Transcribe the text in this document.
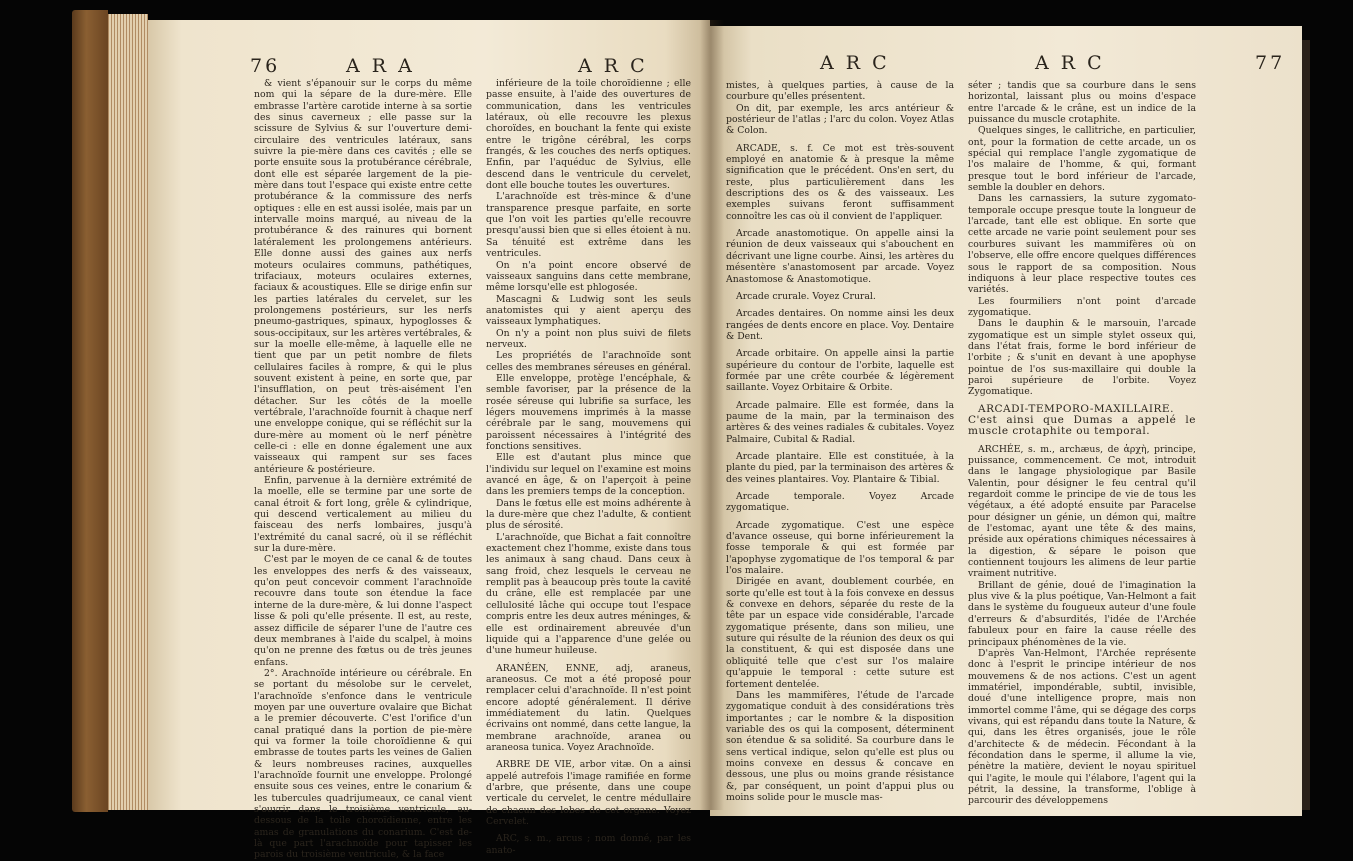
76	A R A	A R C

& vient s'épanouir sur le corps du même nom qui la sépare de la dure-mère. Elle embrasse l'artère carotide interne à sa sortie des sinus caverneux ; elle passe sur la scissure de Sylvius & sur l'ouverture demi-circulaire des ventricules latéraux, sans suivre la pie-mère dans ces cavités ; elle se porte ensuite sous la protubérance cérébrale, dont elle est séparée largement de la pie-mère dans tout l'espace qui existe entre cette protubérance & la commissure des nerfs optiques : elle en est aussi isolée, mais par un intervalle moins marqué, au niveau de la protubérance & des rainures qui bornent latéralement les prolongemens antérieurs. Elle donne aussi des gaines aux nerfs moteurs oculaires communs, pathétiques, trifaciaux, moteurs oculaires externes, faciaux & acoustiques. Elle se dirige enfin sur les parties latérales du cervelet, sur les prolongemens postérieurs, sur les nerfs pneumo-gastriques, spinaux, hypoglosses & sous-occipitaux, sur les artères vertébrales, & sur la moelle elle-même, à laquelle elle ne tient que par un petit nombre de filets cellulaires faciles à rompre, & qui le plus souvent existent à peine, en sorte que, par l'insufflation, on peut très-aisément l'en détacher. Sur les côtés de la moelle vertébrale, l'arachnoïde fournit à chaque nerf une enveloppe conique, qui se réfléchit sur la dure-mère au moment où le nerf pénètre celle-ci : elle en donne également une aux vaisseaux qui rampent sur ses faces antérieure & postérieure.

Enfin, parvenue à la dernière extrémité de la moelle, elle se termine par une sorte de canal étroit & fort long, grêle & cylindrique, qui descend verticalement au milieu du faisceau des nerfs lombaires, jusqu'à l'extrémité du canal sacré, où il se réfléchit sur la dure-mère.

C'est par le moyen de ce canal & de toutes les enveloppes des nerfs & des vaisseaux, qu'on peut concevoir comment l'arachnoïde recouvre dans toute son étendue la face interne de la dure-mère, & lui donne l'aspect lisse & poli qu'elle présente. Il est, au reste, assez difficile de séparer l'une de l'autre ces deux membranes à l'aide du scalpel, à moins qu'on ne prenne des fœtus ou de très jeunes enfans.

2°. Arachnoïde intérieure ou cérébrale. En se portant du mésolobe sur le cervelet, l'arachnoïde s'enfonce dans le ventricule moyen par une ouverture ovalaire que Bichat a le premier découverte. C'est l'orifice d'un canal pratiqué dans la portion de pie-mère qui va former la toile choroïdienne & qui embrasse de toutes parts les veines de Galien & leurs nombreuses racines, auxquelles l'arachnoïde fournit une enveloppe. Prolongé ensuite sous ces veines, entre le conarium & les tubercules quadrijumeaux, ce canal vient s'ouvrir dans le troisième ventricule, au-dessous de la toile choroïdienne, entre les amas de granulations du conarium. C'est de-là que part l'arachnoïde pour tapisser les parois du troisième ventricule, & la face

inférieure de la toile choroïdienne ; elle passe ensuite, à l'aide des ouvertures de communication, dans les ventricules latéraux, où elle recouvre les plexus choroïdes, en bouchant la fente qui existe entre le trigône cérébral, les corps frangés, & les couches des nerfs optiques. Enfin, par l'aquéduc de Sylvius, elle descend dans le ventricule du cervelet, dont elle bouche toutes les ouvertures.

L'arachnoïde est très-mince & d'une transparence presque parfaite, en sorte que l'on voit les parties qu'elle recouvre presqu'aussi bien que si elles étoient à nu. Sa ténuité est extrême dans les ventricules.

On n'a point encore observé de vaisseaux sanguins dans cette membrane, même lorsqu'elle est phlogosée.

Mascagni & Ludwig sont les seuls anatomistes qui y aient aperçu des vaisseaux lymphatiques.

On n'y a point non plus suivi de filets nerveux.

Les propriétés de l'arachnoïde sont celles des membranes séreuses en général.

Elle enveloppe, protège l'encéphale, & semble favoriser, par la présence de la rosée séreuse qui lubrifie sa surface, les légers mouvemens imprimés à la masse cérébrale par le sang, mouvemens qui paroissent nécessaires à l'intégrité des fonctions sensitives.

Elle est d'autant plus mince que l'individu sur lequel on l'examine est moins avancé en âge, & on l'aperçoit à peine dans les premiers temps de la conception.

Dans le fœtus elle est moins adhérente à la dure-mère que chez l'adulte, & contient plus de sérosité.

L'arachnoïde, que Bichat a fait connoître exactement chez l'homme, existe dans tous les animaux à sang chaud. Dans ceux à sang froid, chez lesquels le cerveau ne remplit pas à beaucoup près toute la cavité du crâne, elle est remplacée par une cellulosité lâche qui occupe tout l'espace compris entre les deux autres méninges, & elle est ordinairement abreuvée d'un liquide qui a l'apparence d'une gelée ou d'une humeur huileuse.

ARANÉEN, ENNE, adj, araneus, araneosus. Ce mot a été proposé pour remplacer celui d'arachnoïde. Il n'est point encore adopté généralement. Il dérive immédiatement du latin. Quelques écrivains ont nommé, dans cette langue, la membrane arachnoïde, aranea ou araneosa tunica. Voyez Arachnoïde.

ARBRE DE VIE, arbor vitæ. On a ainsi appelé autrefois l'image ramifiée en forme d'arbre, que présente, dans une coupe verticale du cervelet, le centre médullaire de chacun des lobes de cet organe. Voyez Cervelet.

ARC, s. m., arcus ; nom donné, par les anato-

A R C	A R C	77

mistes, à quelques parties, à cause de la courbure qu'elles présentent.

On dit, par exemple, les arcs antérieur & postérieur de l'atlas ; l'arc du colon. Voyez Atlas & Colon.

ARCADE, s. f. Ce mot est très-souvent employé en anatomie & à presque la même signification que le précédent. Ons'en sert, du reste, plus particulièrement dans les descriptions des os & des vaisseaux. Les exemples suivans feront suffisamment connoître les cas où il convient de l'appliquer.

Arcade anastomotique. On appelle ainsi la réunion de deux vaisseaux qui s'abouchent en décrivant une ligne courbe. Ainsi, les artères du mésentère s'anastomosent par arcade. Voyez Anastomose & Anastomotique.

Arcade crurale. Voyez Crural.

Arcades dentaires. On nomme ainsi les deux rangées de dents encore en place. Voy. Dentaire & Dent.

Arcade orbitaire. On appelle ainsi la partie supérieure du contour de l'orbite, laquelle est formée par une crête courbée & légèrement saillante. Voyez Orbitaire & Orbite.

Arcade palmaire. Elle est formée, dans la paume de la main, par la terminaison des artères & des veines radiales & cubitales. Voyez Palmaire, Cubital & Radial.

Arcade plantaire. Elle est constituée, à la plante du pied, par la terminaison des artères & des veines plantaires. Voy. Plantaire & Tibial.

Arcade temporale. Voyez Arcade zygomatique.

Arcade zygomatique. C'est une espèce d'avance osseuse, qui borne inférieurement la fosse temporale & qui est formée par l'apophyse zygomatique de l'os temporal & par l'os malaire.

Dirigée en avant, doublement courbée, en sorte qu'elle est tout à la fois convexe en dessus & convexe en dehors, séparée du reste de la tête par un espace vide considérable, l'arcade zygomatique présente, dans son milieu, une suture qui résulte de la réunion des deux os qui la constituent, & qui est disposée dans une obliquité telle que c'est sur l'os malaire qu'appuie le temporal : cette suture est fortement dentelée.

Dans les mammifères, l'étude de l'arcade zygomatique conduit à des considérations très importantes ; car le nombre & la disposition variable des os qui la composent, déterminent son étendue & sa solidité. Sa courbure dans le sens vertical indique, selon qu'elle est plus ou moins convexe en dessus & concave en dessous, une plus ou moins grande résistance &, par conséquent, un point d'appui plus ou moins solide pour le muscle mas-

séter ; tandis que sa courbure dans le sens horizontal, laissant plus ou moins d'espace entre l'arcade & le crâne, est un indice de la puissance du muscle crotaphite.

Quelques singes, le callitriche, en particulier, ont, pour la formation de cette arcade, un os spécial qui remplace l'angle zygomatique de l'os malaire de l'homme, & qui, formant presque tout le bord inférieur de l'arcade, semble la doubler en dehors.

Dans les carnassiers, la suture zygomato-temporale occupe presque toute la longueur de l'arcade, tant elle est oblique. En sorte que cette arcade ne varie point seulement pour ses courbures suivant les mammifères où on l'observe, elle offre encore quelques différences sous le rapport de sa composition. Nous indiquons à leur place respective toutes ces variétés.

Les fourmiliers n'ont point d'arcade zygomatique.

Dans le dauphin & le marsouin, l'arcade zygomatique est un simple stylet osseux qui, dans l'état frais, forme le bord inférieur de l'orbite ; & s'unit en devant à une apophyse pointue de l'os sus-maxillaire qui double la paroi supérieure de l'orbite. Voyez Zygomatique.

ARCADI-TEMPORO-MAXILLAIRE. C'est ainsi que Dumas a appelé le muscle crotaphite ou temporal.

ARCHÉE, s. m., archæus, de ἀρχὴ, principe, puissance, commencement. Ce mot, introduit dans le langage physiologique par Basile Valentin, pour désigner le feu central qu'il regardoit comme le principe de vie de tous les végétaux, a été adopté ensuite par Paracelse pour désigner un génie, un démon qui, maître de l'estomac, ayant une tête & des mains, préside aux opérations chimiques nécessaires à la digestion, & sépare le poison que contiennent toujours les alimens de leur partie vraiment nutritive.

Brillant de génie, doué de l'imagination la plus vive & la plus poétique, Van-Helmont a fait dans le système du fougueux auteur d'une foule d'erreurs & d'absurdités, l'idée de l'Archée fabuleux pour en faire la cause réelle des principaux phénomènes de la vie.

D'après Van-Helmont, l'Archée représente donc à l'esprit le principe intérieur de nos mouvemens & de nos actions. C'est un agent immatériel, impondérable, subtil, invisible, doué d'une intelligence propre, mais non immortel comme l'âme, qui se dégage des corps vivans, qui est répandu dans toute la Nature, & qui, dans les êtres organisés, joue le rôle d'architecte & de médecin. Fécondant à la fécondation dans le sperme, il allume la vie, pénètre la matière, devient le noyau spirituel qui l'agite, le moule qui l'élabore, l'agent qui la pétrit, la dessine, la transforme, l'oblige à parcourir des développemens
